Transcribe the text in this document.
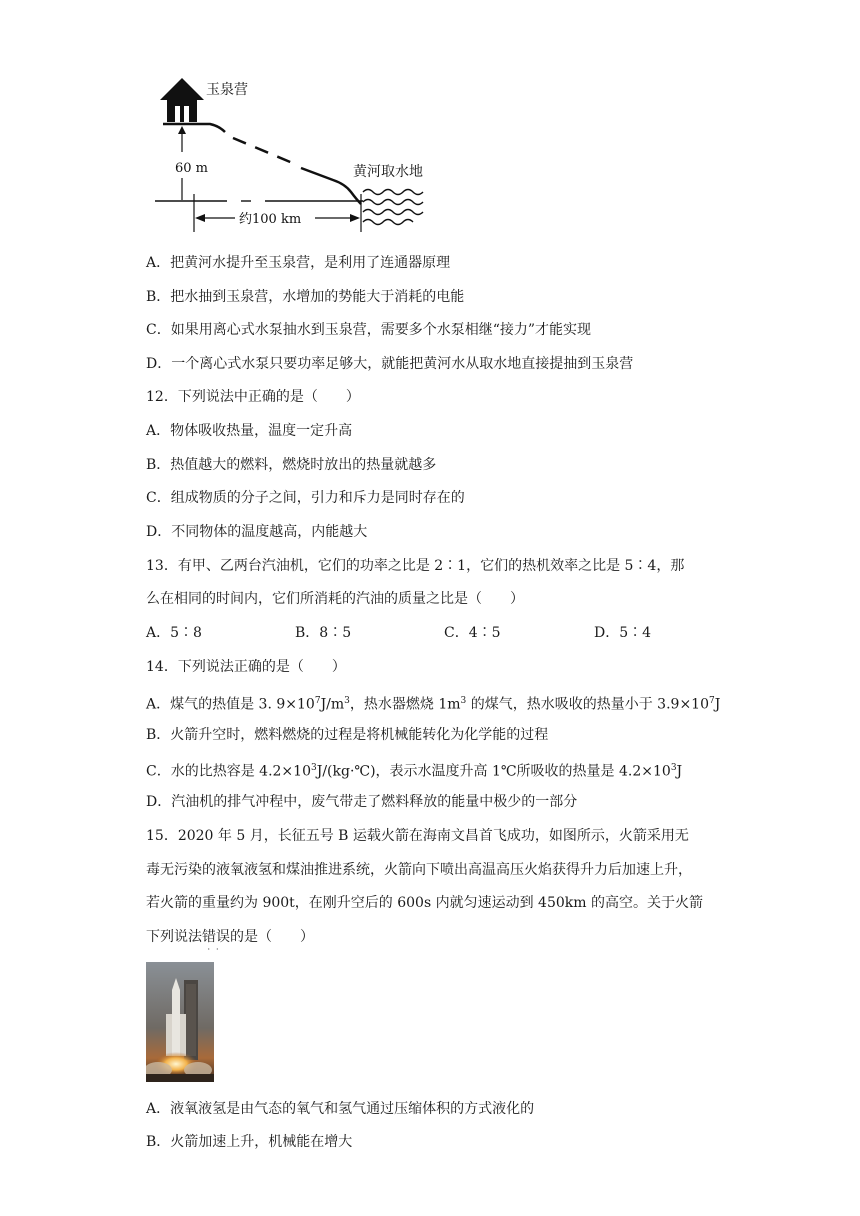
玉泉营
60 m	黄河取水地
约100 km
A．把黄河水提升至玉泉营，是利用了连通器原理
B．把水抽到玉泉营，水增加的势能大于消耗的电能
C．如果用离心式水泵抽水到玉泉营，需要多个水泵相继“接力”才能实现
D．一个离心式水泵只要功率足够大，就能把黄河水从取水地直接提抽到玉泉营
12．下列说法中正确的是（　　）
A．物体吸收热量，温度一定升高
B．热值越大的燃料，燃烧时放出的热量就越多
C．组成物质的分子之间，引力和斥力是同时存在的
D．不同物体的温度越高，内能越大
13．有甲、乙两台汽油机，它们的功率之比是 2∶1，它们的热机效率之比是 5∶4，那
么在相同的时间内，它们所消耗的汽油的质量之比是（　　）
A．5∶8	B．8∶5	C．4∶5	D．5∶4
14．下列说法正确的是（　　）
A．煤气的热值是 3. $9\times 10^7J/m^3$，热水器燃烧 $1m^3$ 的煤气，热水吸收的热量小于 $3.9\times 10^7J$
B．火箭升空时，燃料燃烧的过程是将机械能转化为化学能的过程
C．水的比热容是 $4.2\times 10^3J/(kg\cdot℃)$，表示水温度升高 1℃所吸收的热量是 $4.2\times 10^3J$
D．汽油机的排气冲程中，废气带走了燃料释放的能量中极少的一部分
15．2020 年 5 月，长征五号 B 运载火箭在海南文昌首飞成功，如图所示，火箭采用无
毒无污染的液氧液氢和煤油推进系统，火箭向下喷出高温高压火焰获得升力后加速上升，
若火箭的重量约为 900t，在刚升空后的 600s 内就匀速运动到 450km 的高空。关于火箭
下列说法错误
··
的是（　　）
A．液氧液氢是由气态的氧气和氢气通过压缩体积的方式液化的
B．火箭加速上升，机械能在增大
